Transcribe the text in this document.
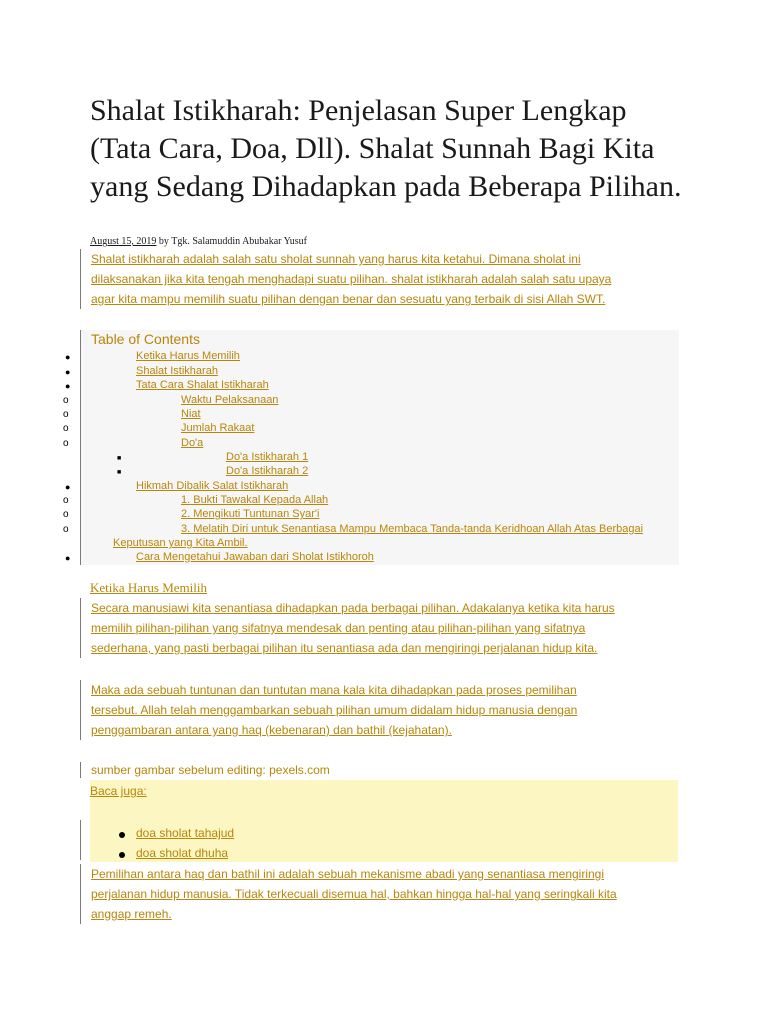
Shalat Istikharah: Penjelasan Super Lengkap (Tata Cara, Doa, Dll). Shalat Sunnah Bagi Kita yang Sedang Dihadapkan pada Beberapa Pilihan.
August 15, 2019 by Tgk. Salamuddin Abubakar Yusuf
Shalat istikharah adalah salah satu sholat sunnah yang harus kita ketahui. Dimana sholat ini
dilaksanakan jika kita tengah menghadapi suatu pilihan. shalat istikharah adalah salah satu upaya
agar kita mampu memilih suatu pilihan dengan benar dan sesuatu yang terbaik di sisi Allah SWT.
Table of Contents
●	Ketika Harus Memilih
●	Shalat Istikharah
●	Tata Cara Shalat Istikharah
o	Waktu Pelaksanaan
o	Niat
o	Jumlah Rakaat
o	Do'a
■	Do'a Istikharah 1
■	Do'a Istikharah 2
●	Hikmah Dibalik Salat Istikharah
o	1. Bukti Tawakal Kepada Allah
o	2. Mengikuti Tuntunan Syar'i
o	3. Melatih Diri untuk Senantiasa Mampu Membaca Tanda-tanda Keridhoan Allah Atas Berbagai
Keputusan yang Kita Ambil.
●	Cara Mengetahui Jawaban dari Sholat Istikhoroh
Ketika Harus Memilih
Secara manusiawi kita senantiasa dihadapkan pada berbagai pilihan. Adakalanya ketika kita harus
memilih pilihan-pilihan yang sifatnya mendesak dan penting atau pilihan-pilihan yang sifatnya
sederhana, yang pasti berbagai pilihan itu senantiasa ada dan mengiringi perjalanan hidup kita.
Maka ada sebuah tuntunan dan tuntutan mana kala kita dihadapkan pada proses pemilihan
tersebut. Allah telah menggambarkan sebuah pilihan umum didalam hidup manusia dengan
penggambaran antara yang haq (kebenaran) dan bathil (kejahatan).
sumber gambar sebelum editing: pexels.com
Baca juga:
doa sholat tahajud
doa sholat dhuha
Pemilihan antara haq dan bathil ini adalah sebuah mekanisme abadi yang senantiasa mengiringi
perjalanan hidup manusia. Tidak terkecuali disemua hal, bahkan hingga hal-hal yang seringkali kita
anggap remeh.
